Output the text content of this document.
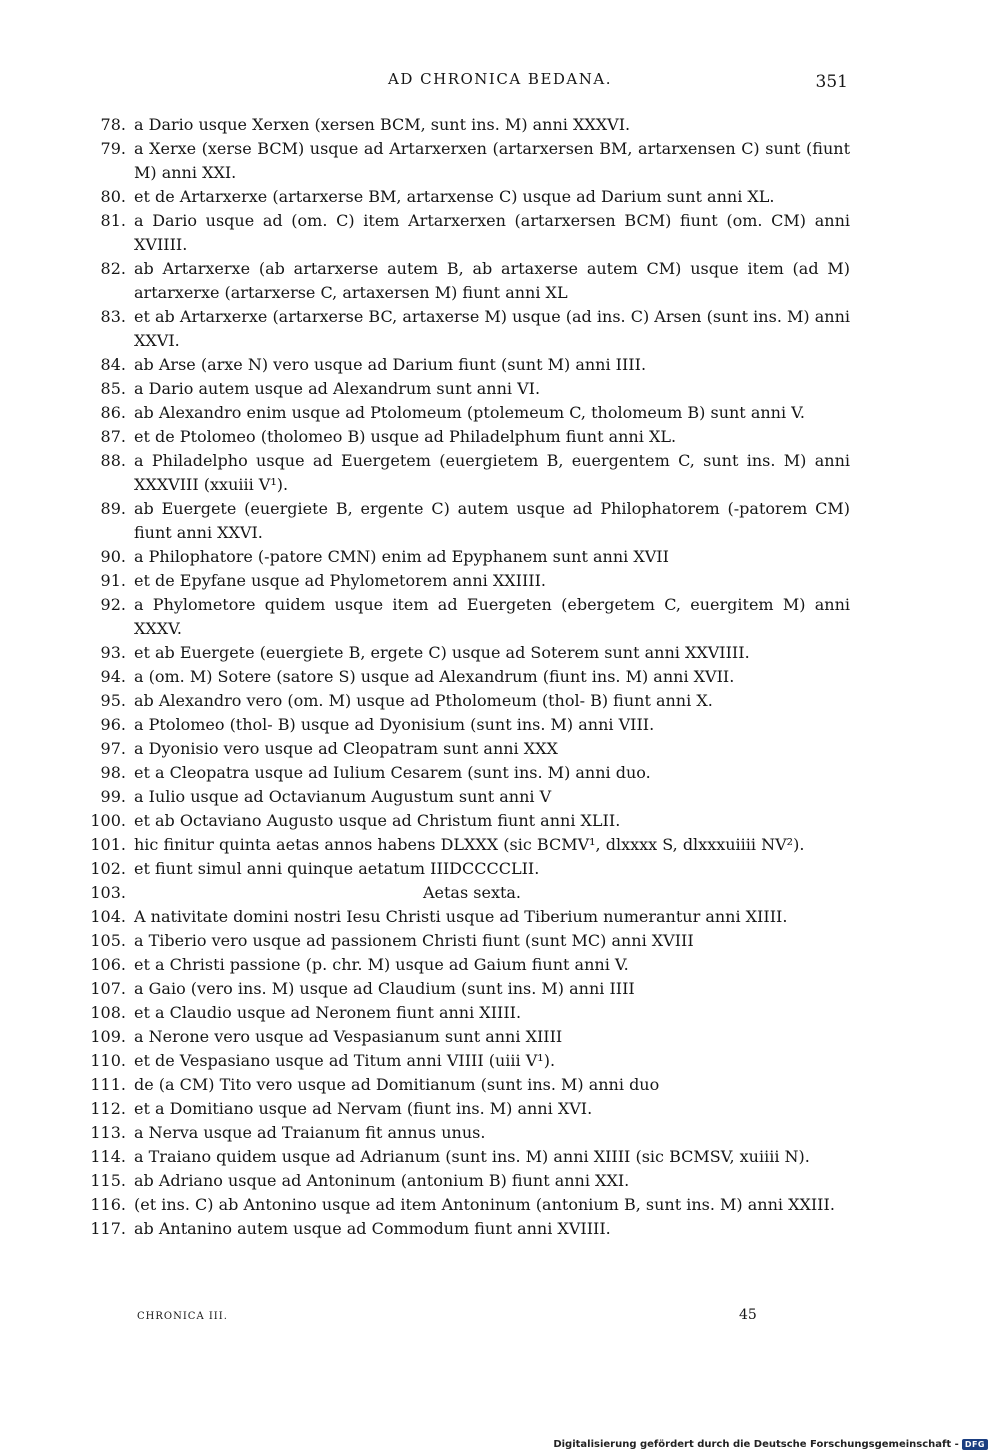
AD CHRONICA BEDANA.	351
78. a Dario usque Xerxen (xersen BCM, sunt ins. M) anni XXXVI.
79. a Xerxe (xerse BCM) usque ad Artarxerxen (artarxersen BM, artarxensen C) sunt (fiunt M) anni XXI.
80. et de Artarxerxe (artarxerse BM, artarxense C) usque ad Darium sunt anni XL.
81. a Dario usque ad (om. C) item Artarxerxen (artarxersen BCM) fiunt (om. CM) anni XVIIII.
82. ab Artarxerxe (ab artarxerse autem B, ab artaxerse autem CM) usque item (ad M) artarxerxe (artarxerse C, artaxersen M) fiunt anni XL
83. et ab Artarxerxe (artarxerse BC, artaxerse M) usque (ad ins. C) Arsen (sunt ins. M) anni XXVI.
84. ab Arse (arxe N) vero usque ad Darium fiunt (sunt M) anni IIII.
85. a Dario autem usque ad Alexandrum sunt anni VI.
86. ab Alexandro enim usque ad Ptolomeum (ptolemeum C, tholomeum B) sunt anni V.
87. et de Ptolomeo (tholomeo B) usque ad Philadelphum fiunt anni XL.
88. a Philadelpho usque ad Euergetem (euergietem B, euergentem C, sunt ins. M) anni XXXVIII (xxuiii V¹).
89. ab Euergete (euergiete B, ergente C) autem usque ad Philophatorem (-patorem CM) fiunt anni XXVI.
90. a Philophatore (-patore CMN) enim ad Epyphanem sunt anni XVII
91. et de Epyfane usque ad Phylometorem anni XXIIII.
92. a Phylometore quidem usque item ad Euergeten (ebergetem C, euergitem M) anni XXXV.
93. et ab Euergete (euergiete B, ergete C) usque ad Soterem sunt anni XXVIIII.
94. a (om. M) Sotere (satore S) usque ad Alexandrum (fiunt ins. M) anni XVII.
95. ab Alexandro vero (om. M) usque ad Ptholomeum (thol- B) fiunt anni X.
96. a Ptolomeo (thol- B) usque ad Dyonisium (sunt ins. M) anni VIII.
97. a Dyonisio vero usque ad Cleopatram sunt anni XXX
98. et a Cleopatra usque ad Iulium Cesarem (sunt ins. M) anni duo.
99. a Iulio usque ad Octavianum Augustum sunt anni V
100. et ab Octaviano Augusto usque ad Christum fiunt anni XLII.
101. hic finitur quinta aetas annos habens DLXXX (sic BCMV¹, dlxxxx S, dlxxxuiiii NV²).
102. et fiunt simul anni quinque aetatum IIIDCCCCLII.
103.	Aetas sexta.
104. A nativitate domini nostri Iesu Christi usque ad Tiberium numerantur anni XIIII.
105. a Tiberio vero usque ad passionem Christi fiunt (sunt MC) anni XVIII
106. et a Christi passione (p. chr. M) usque ad Gaium fiunt anni V.
107. a Gaio (vero ins. M) usque ad Claudium (sunt ins. M) anni IIII
108. et a Claudio usque ad Neronem fiunt anni XIIII.
109. a Nerone vero usque ad Vespasianum sunt anni XIIII
110. et de Vespasiano usque ad Titum anni VIIII (uiii V¹).
111. de (a CM) Tito vero usque ad Domitianum (sunt ins. M) anni duo
112. et a Domitiano usque ad Nervam (fiunt ins. M) anni XVI.
113. a Nerva usque ad Traianum fit annus unus.
114. a Traiano quidem usque ad Adrianum (sunt ins. M) anni XIIII (sic BCMSV, xuiiii N).
115. ab Adriano usque ad Antoninum (antonium B) fiunt anni XXI.
116. (et ins. C) ab Antonino usque ad item Antoninum (antonium B, sunt ins. M) anni XXIII.
117. ab Antanino autem usque ad Commodum fiunt anni XVIIII.
CHRONICA III.	45
Digitalisierung gefördert durch die Deutsche Forschungsgemeinschaft - DFG
